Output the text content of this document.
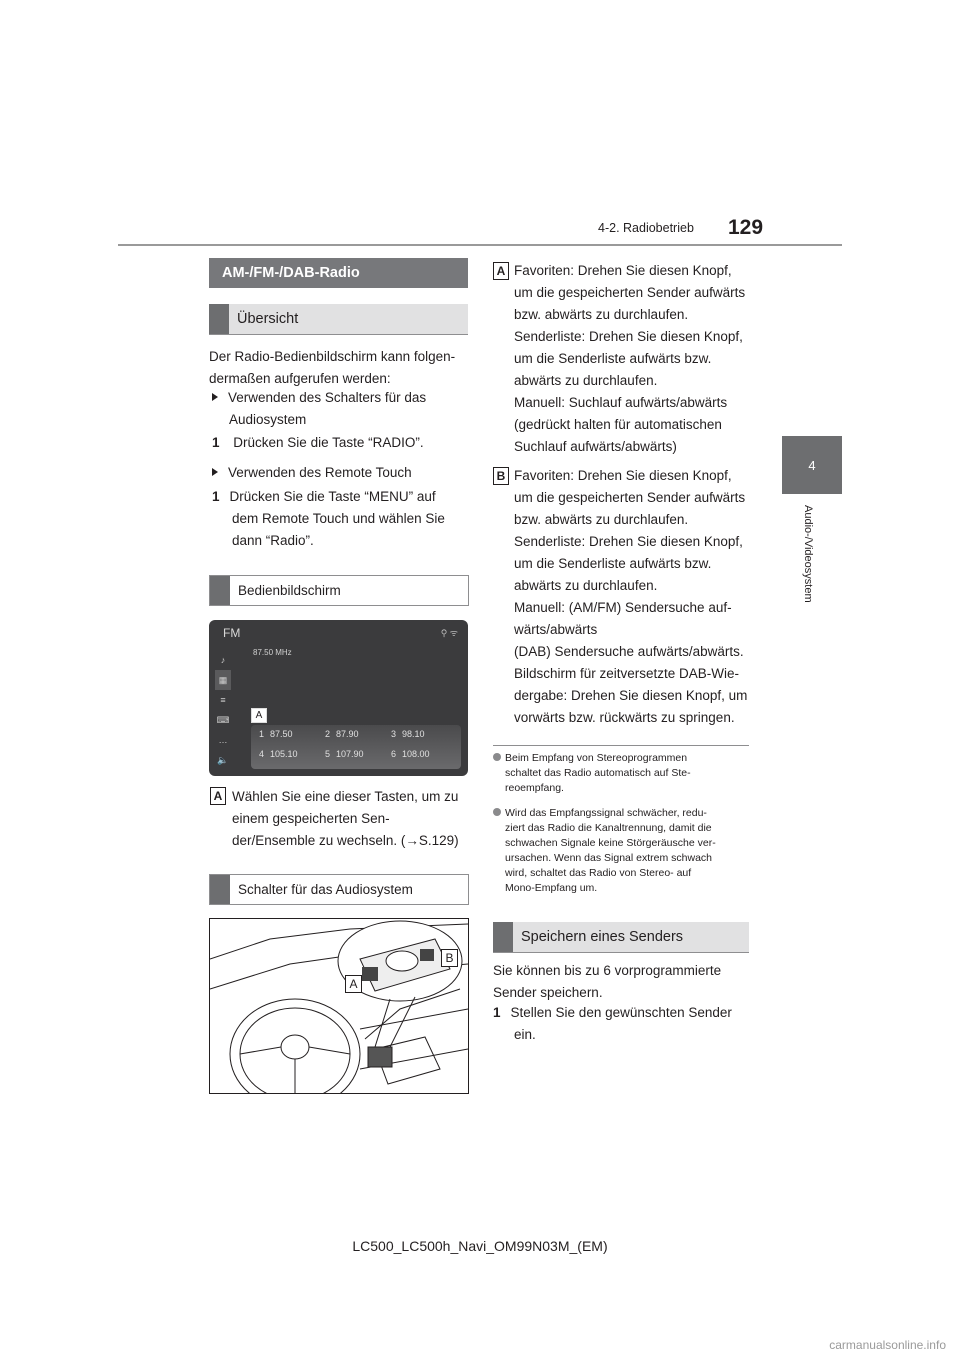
4-2. Radiobetrieb 129
4
Audio-/Videosystem
AM-/FM-/DAB-Radio
Übersicht
Der Radio-Bedienbildschirm kann folgen-
dermaßen aufgerufen werden:
Verwenden des Schalters für das
Audiosystem
1 Drücken Sie die Taste “RADIO”.
Verwenden des Remote Touch
1 Drücken Sie die Taste “MENU” auf
dem Remote Touch und wählen Sie
dann “Radio”.
Bedienbildschirm
FM	⚲ ᯤ
87.50 MHz
♪
▦
≡
⌨
…
🔈
A
1 87.50	2 87.90	3 98.10
4 105.10	5 107.90	6 108.00
A Wählen Sie eine dieser Tasten, um zu
einem gespeicherten Sen-
der/Ensemble zu wechseln. (→S.129)
Schalter für das Audiosystem
B
A
A Favoriten: Drehen Sie diesen Knopf,
um die gespeicherten Sender aufwärts
bzw. abwärts zu durchlaufen.
Senderliste: Drehen Sie diesen Knopf,
um die Senderliste aufwärts bzw.
abwärts zu durchlaufen.
Manuell: Suchlauf aufwärts/abwärts
(gedrückt halten für automatischen
Suchlauf aufwärts/abwärts)
B Favoriten: Drehen Sie diesen Knopf,
um die gespeicherten Sender aufwärts
bzw. abwärts zu durchlaufen.
Senderliste: Drehen Sie diesen Knopf,
um die Senderliste aufwärts bzw.
abwärts zu durchlaufen.
Manuell: (AM/FM) Sendersuche auf-
wärts/abwärts
(DAB) Sendersuche aufwärts/abwärts.
Bildschirm für zeitversetzte DAB-Wie-
dergabe: Drehen Sie diesen Knopf, um
vorwärts bzw. rückwärts zu springen.
Beim Empfang von Stereoprogrammen
schaltet das Radio automatisch auf Ste-
reoempfang.
Wird das Empfangssignal schwächer, redu-
ziert das Radio die Kanaltrennung, damit die
schwachen Signale keine Störgeräusche ver-
ursachen. Wenn das Signal extrem schwach
wird, schaltet das Radio von Stereo- auf
Mono-Empfang um.
Speichern eines Senders
Sie können bis zu 6 vorprogrammierte
Sender speichern.
1 Stellen Sie den gewünschten Sender
ein.
LC500_LC500h_Navi_OM99N03M_(EM)
carmanualsonline.info
